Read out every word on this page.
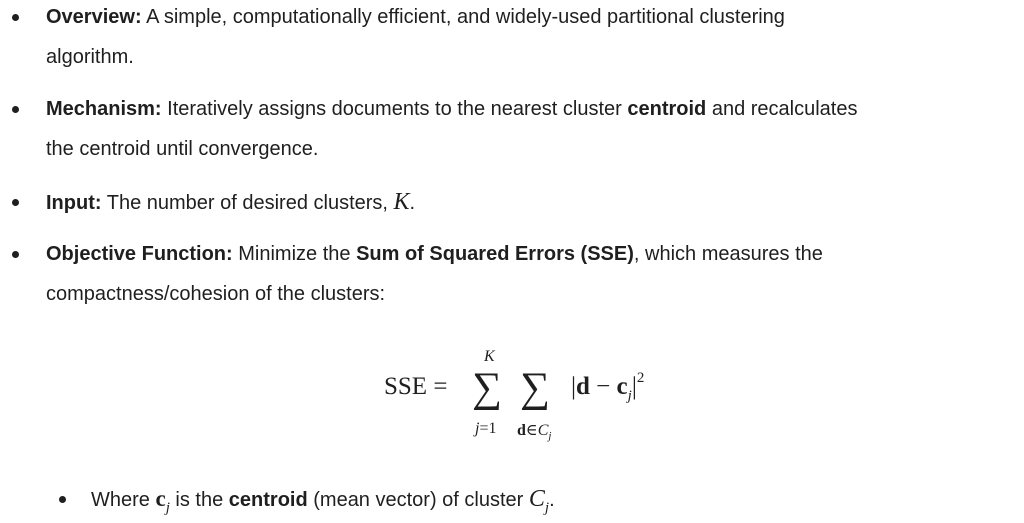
Overview: A simple, computationally efficient, and widely-used partitional clustering
algorithm.
Mechanism: Iteratively assigns documents to the nearest cluster centroid and recalculates
the centroid until convergence.
Input: The number of desired clusters, K.
Objective Function: Minimize the Sum of Squared Errors (SSE), which measures the
compactness/cohesion of the clusters:
SSE =
K
∑
j=1
∑
$d\in C_j$
$|d - c_j|^2$
Where $c_j$ is the centroid (mean vector) of cluster $C_j$.
